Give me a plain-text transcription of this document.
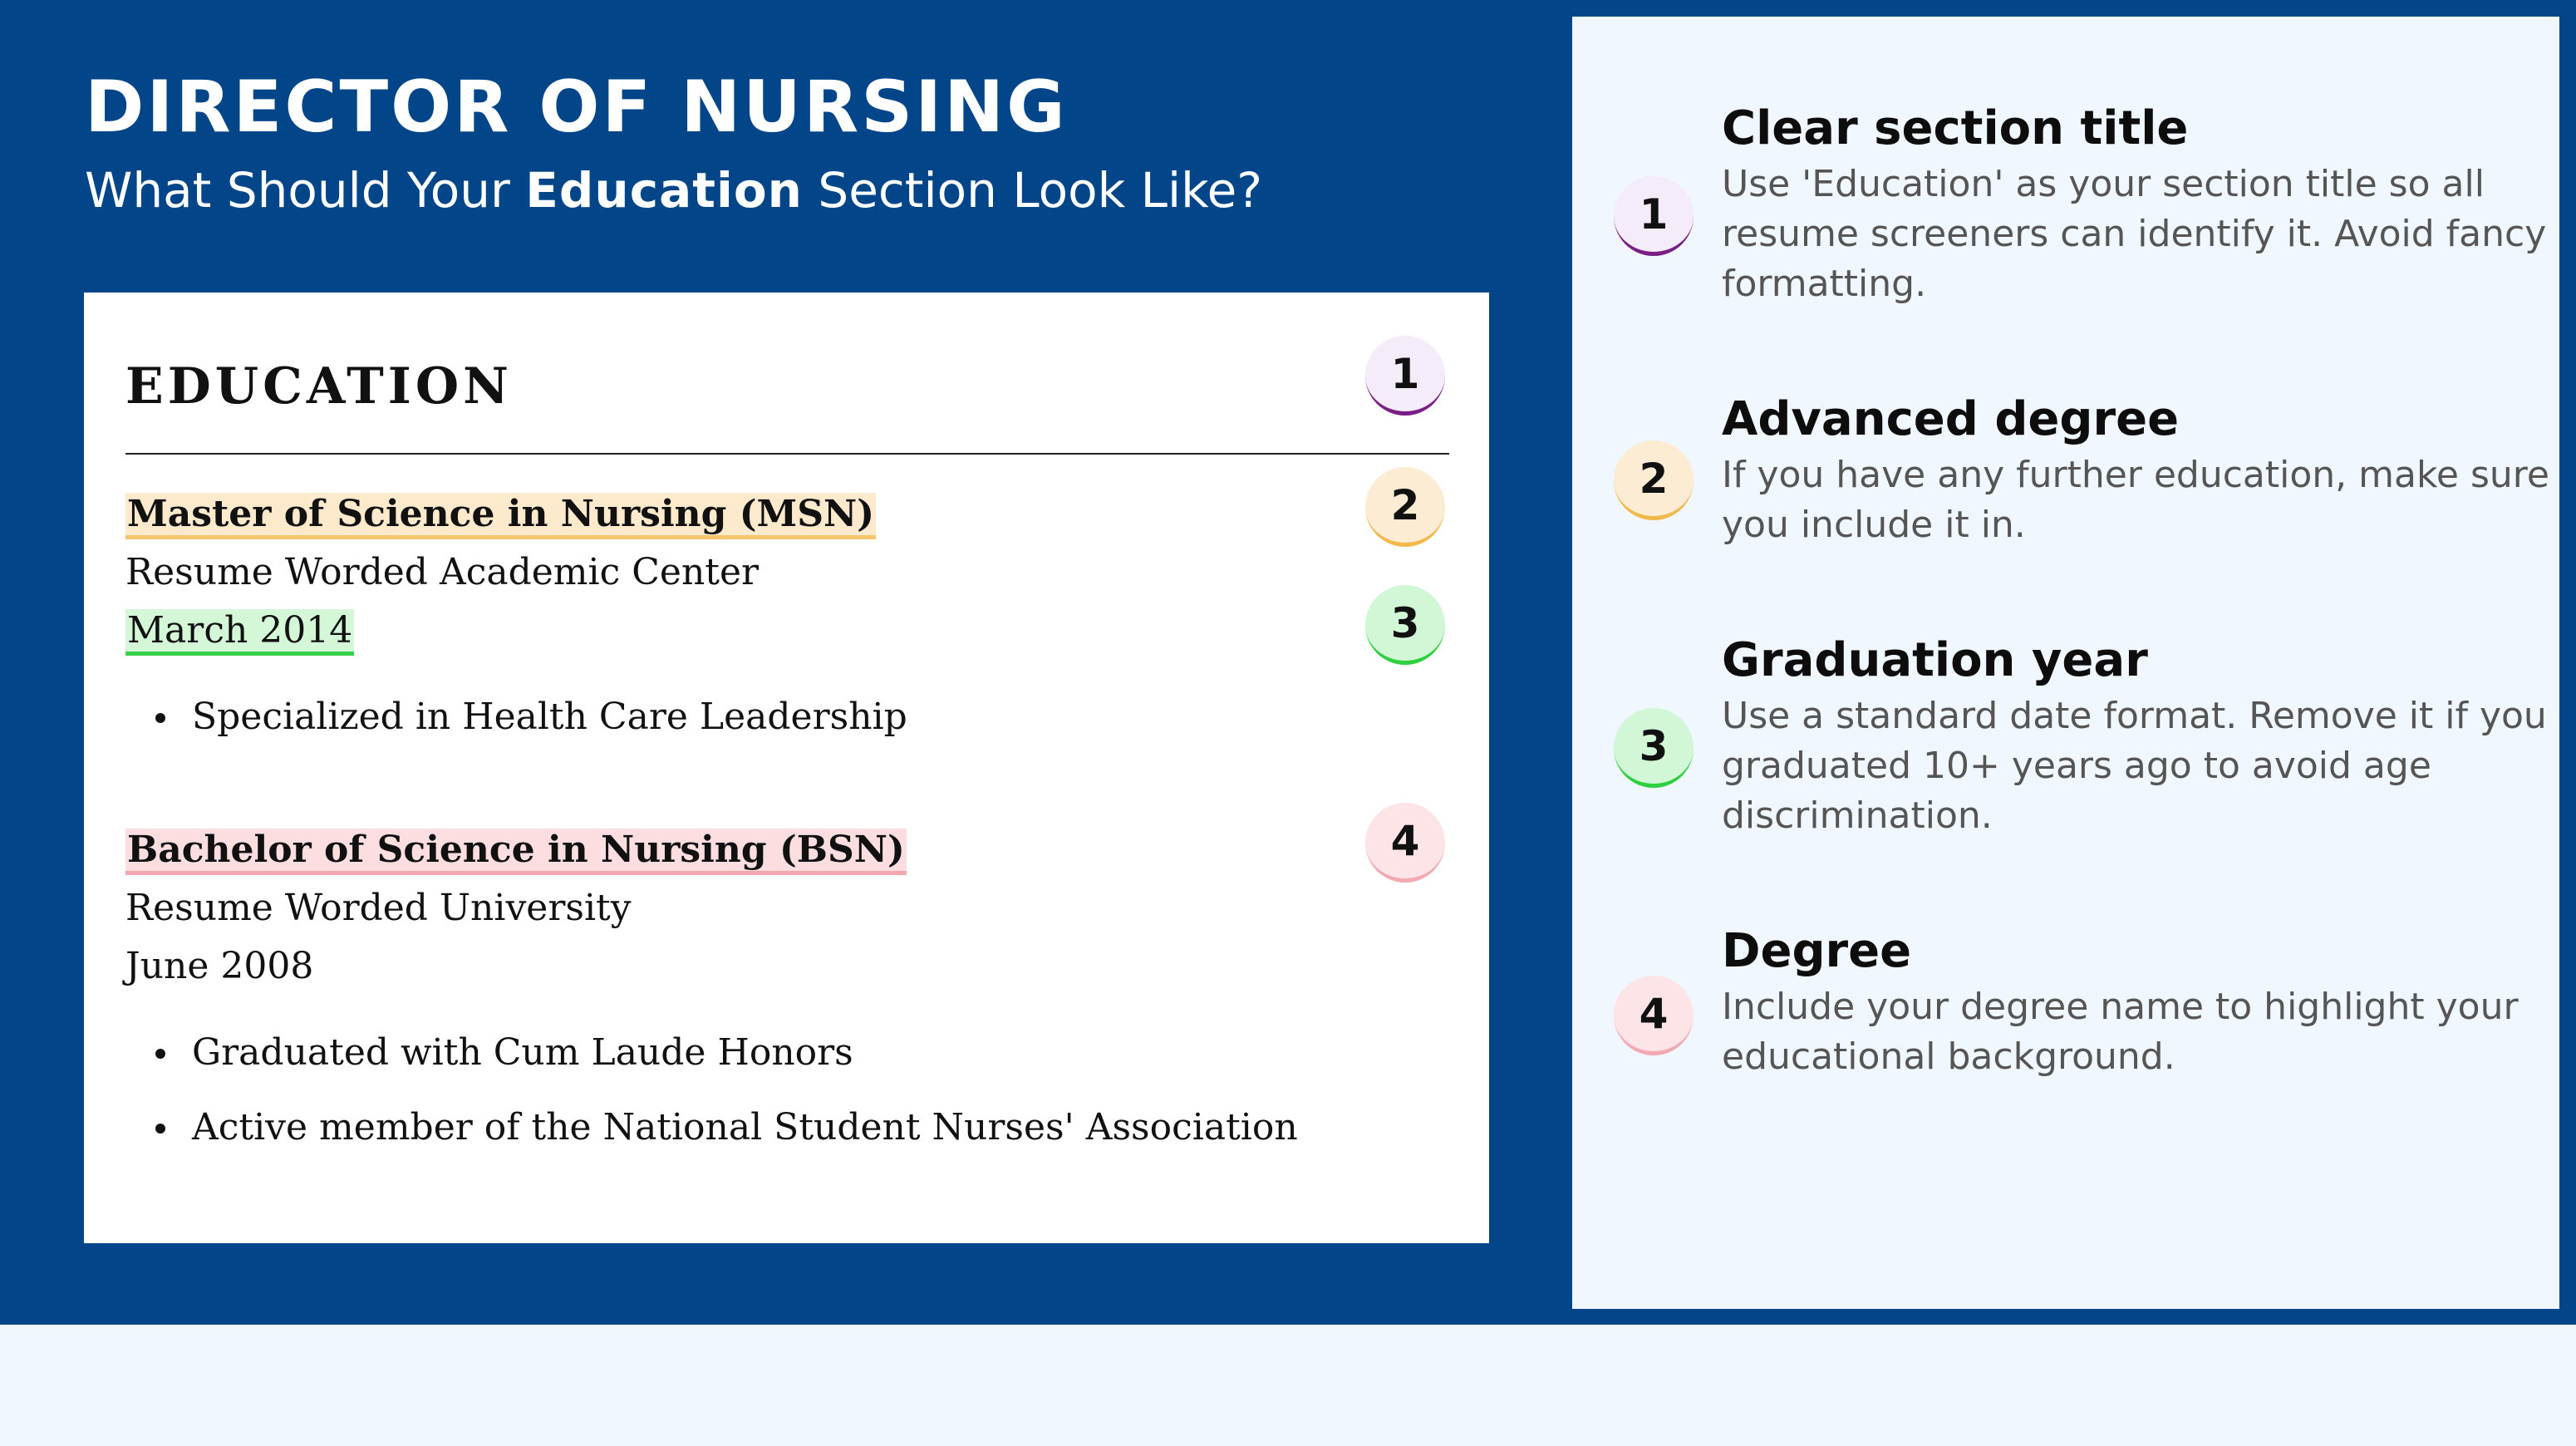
DIRECTOR OF NURSING

What Should Your Education Section Look Like?

EDUCATION	1
Master of Science in Nursing (MSN)	2
Resume Worded Academic Center
March 2014	3
Specialized in Health Care Leadership
Bachelor of Science in Nursing (BSN)	4
Resume Worded University
June 2008
Graduated with Cum Laude Honors
Active member of the National Student Nurses' Association
Clear section title
1

Use 'Education' as your section title so all resume screeners can identify it. Avoid fancy formatting.

Advanced degree
2	If you have any further education, make sure you include it in.

Graduation year
3

Use a standard date format. Remove it if you graduated 10+ years ago to avoid age discrimination.

Degree
4	Include your degree name to highlight your educational background.
